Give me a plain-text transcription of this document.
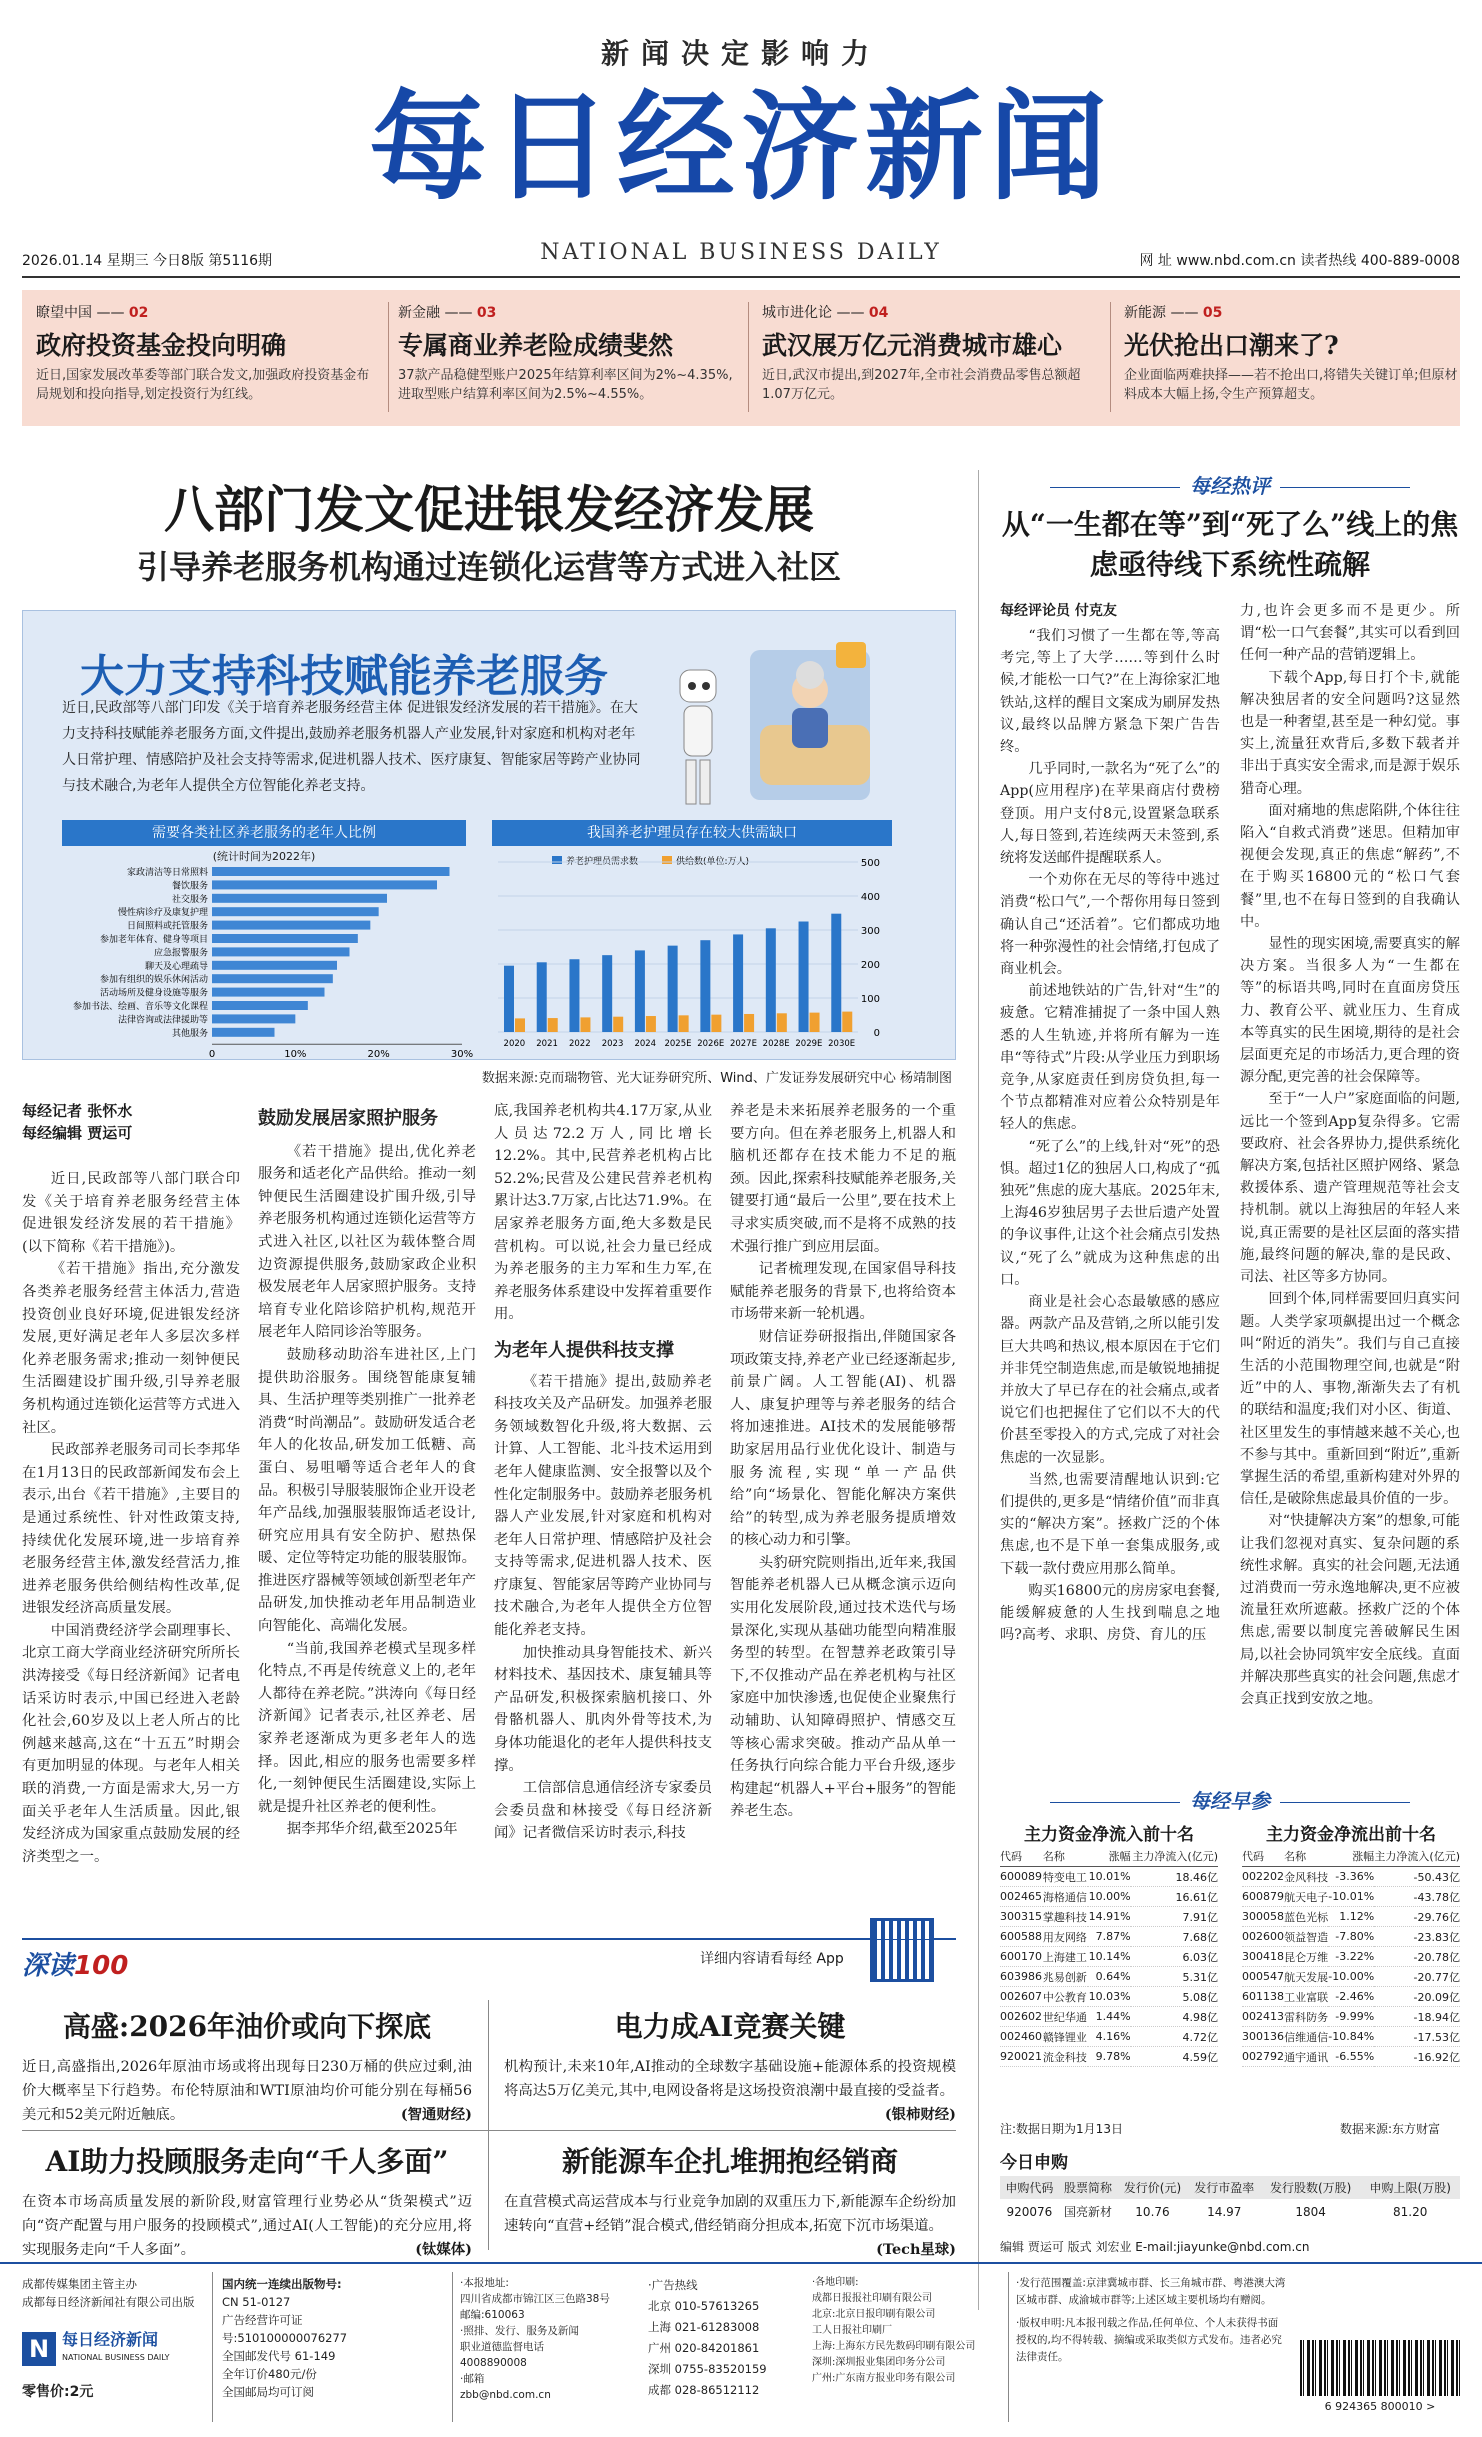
新闻决定影响力
每日经济新闻
2026.01.14 星期三 今日8版 第5116期	NATIONAL BUSINESS DAILY	网 址 www.nbd.com.cn 读者热线 400-889-0008
瞭望中国 —— 02
政府投资基金投向明确
近日,国家发展改革委等部门联合发文,加强政府投资基金布局规划和投向指导,划定投资行为红线。
新金融 —— 03
专属商业养老险成绩斐然
37款产品稳健型账户2025年结算利率区间为2%~4.35%,进取型账户结算利率区间为2.5%~4.55%。
城市进化论 —— 04
武汉展万亿元消费城市雄心
近日,武汉市提出,到2027年,全市社会消费品零售总额超1.07万亿元。
新能源 —— 05
光伏抢出口潮来了?
企业面临两难抉择——若不抢出口,将错失关键订单;但原材料成本大幅上扬,令生产预算超支。
八部门发文促进银发经济发展
引导养老服务机构通过连锁化运营等方式进入社区
大力支持科技赋能养老服务
近日,民政部等八部门印发《关于培育养老服务经营主体 促进银发经济发展的若干措施》。在大力支持科技赋能养老服务方面,文件提出,鼓励养老服务机器人产业发展,针对家庭和机构对老年人日常护理、情感陪护及社会支持等需求,促进机器人技术、医疗康复、智能家居等跨产业协同与技术融合,为老年人提供全方位智能化养老支持。
需要各类社区养老服务的老年人比例
(统计时间为2022年)
家政清洁等日常照料
餐饮服务
社交服务
慢性病诊疗及康复护理
日间照料或托管服务
参加老年体育、健身等项目
应急报警服务
聊天及心理疏导
参加有组织的娱乐休闲活动
活动场所及健身设施等服务
参加书法、绘画、音乐等文化课程
法律咨询或法律援助等
其他服务
0	10%	20%	30%
我国养老护理员存在较大供需缺口
养老护理员需求数	供给数(单位:万人)
0
100
200
300
400
500
2020 2021 2022 2023 2024 2025E 2026E 2027E 2028E 2029E 2030E
数据来源:克而瑞物管、光大证券研究所、Wind、广发证券发展研究中心 杨靖制图
每经记者 张怀水
每经编辑 贾运可

近日,民政部等八部门联合印发《关于培育养老服务经营主体 促进银发经济发展的若干措施》(以下简称《若干措施》)。

《若干措施》指出,充分激发各类养老服务经营主体活力,营造投资创业良好环境,促进银发经济发展,更好满足老年人多层次多样化养老服务需求;推动一刻钟便民生活圈建设扩围升级,引导养老服务机构通过连锁化运营等方式进入社区。

民政部养老服务司司长李邦华在1月13日的民政部新闻发布会上表示,出台《若干措施》,主要目的是通过系统性、针对性政策支持,持续优化发展环境,进一步培育养老服务经营主体,激发经营活力,推进养老服务供给侧结构性改革,促进银发经济高质量发展。

中国消费经济学会副理事长、北京工商大学商业经济研究所所长洪涛接受《每日经济新闻》记者电话采访时表示,中国已经进入老龄化社会,60岁及以上老人所占的比例越来越高,这在“十五五”时期会有更加明显的体现。与老年人相关联的消费,一方面是需求大,另一方面关乎老年人生活质量。因此,银发经济成为国家重点鼓励发展的经济类型之一。

鼓励发展居家照护服务

《若干措施》提出,优化养老服务和适老化产品供给。推动一刻钟便民生活圈建设扩围升级,引导养老服务机构通过连锁化运营等方式进入社区,以社区为载体整合周边资源提供服务,鼓励家政企业积极发展老年人居家照护服务。支持培育专业化陪诊陪护机构,规范开展老年人陪同诊治等服务。

鼓励移动助浴车进社区,上门提供助浴服务。围绕智能康复辅具、生活护理等类别推广一批养老消费“时尚潮品”。鼓励研发适合老年人的化妆品,研发加工低糖、高蛋白、易咀嚼等适合老年人的食品。积极引导服装服饰企业开设老年产品线,加强服装服饰适老设计,研究应用具有安全防护、慰热保暖、定位等特定功能的服装服饰。推进医疗器械等领域创新型老年产品研发,加快推动老年用品制造业向智能化、高端化发展。

“当前,我国养老模式呈现多样化特点,不再是传统意义上的,老年人都待在养老院。”洪涛向《每日经济新闻》记者表示,社区养老、居家养老逐渐成为更多老年人的选择。因此,相应的服务也需要多样化,一刻钟便民生活圈建设,实际上就是提升社区养老的便利性。

据李邦华介绍,截至2025年

底,我国养老机构共4.17万家,从业人员达72.2万人,同比增长12.2%。其中,民营养老机构占比52.2%;民营及公建民营养老机构累计达3.7万家,占比达71.9%。在居家养老服务方面,绝大多数是民营机构。可以说,社会力量已经成为养老服务的主力军和生力军,在养老服务体系建设中发挥着重要作用。

为老年人提供科技支撑

《若干措施》提出,鼓励养老科技攻关及产品研发。加强养老服务领域数智化升级,将大数据、云计算、人工智能、北斗技术运用到老年人健康监测、安全报警以及个性化定制服务中。鼓励养老服务机器人产业发展,针对家庭和机构对老年人日常护理、情感陪护及社会支持等需求,促进机器人技术、医疗康复、智能家居等跨产业协同与技术融合,为老年人提供全方位智能化养老支持。

加快推动具身智能技术、新兴材料技术、基因技术、康复辅具等产品研发,积极探索脑机接口、外骨骼机器人、肌肉外骨等技术,为身体功能退化的老年人提供科技支撑。

工信部信息通信经济专家委员会委员盘和林接受《每日经济新闻》记者微信采访时表示,科技

养老是未来拓展养老服务的一个重要方向。但在养老服务上,机器人和脑机还都存在技术能力不足的瓶颈。因此,探索科技赋能养老服务,关键要打通“最后一公里”,要在技术上寻求实质突破,而不是将不成熟的技术强行推广到应用层面。

记者梳理发现,在国家倡导科技赋能养老服务的背景下,也将给资本市场带来新一轮机遇。

财信证券研报指出,伴随国家各项政策支持,养老产业已经逐渐起步,前景广阔。人工智能(AI)、机器人、康复护理等与养老服务的结合将加速推进。AI技术的发展能够帮助家居用品行业优化设计、制造与服务流程,实现“单一产品供给”向“场景化、智能化解决方案供给”的转型,成为养老服务提质增效的核心动力和引擎。

头豹研究院则指出,近年来,我国智能养老机器人已从概念演示迈向实用化发展阶段,通过技术迭代与场景深化,实现从基础功能型向精准服务型的转型。在智慧养老政策引导下,不仅推动产品在养老机构与社区家庭中加快渗透,也促使企业聚焦行动辅助、认知障碍照护、情感交互等核心需求突破。推动产品从单一任务执行向综合能力平台升级,逐步构建起“机器人+平台+服务”的智能养老生态。

深读100	详细内容请看每经 App
高盛:2026年油价或向下探底

近日,高盛指出,2026年原油市场或将出现每日230万桶的供应过剩,油价大概率呈下行趋势。布伦特原油和WTI原油均价可能分别在每桶56美元和52美元附近触底。	(智通财经)

电力成AI竞赛关键

机构预计,未来10年,AI推动的全球数字基础设施+能源体系的投资规模将高达5万亿美元,其中,电网设备将是这场投资浪潮中最直接的受益者。
(银柿财经)

AI助力投顾服务走向“千人多面”

在资本市场高质量发展的新阶段,财富管理行业势必从“货架模式”迈向“资产配置与用户服务的投顾模式”,通过AI(人工智能)的充分应用,将实现服务走向“千人多面”。	(钛媒体)

新能源车企扎堆拥抱经销商

在直营模式高运营成本与行业竞争加剧的双重压力下,新能源车企纷纷加速转向“直营+经销”混合模式,借经销商分担成本,拓宽下沉市场渠道。
(Tech星球)

每经热评
从“一生都在等”到“死了么”线上的焦虑亟待线下系统性疏解
每经评论员 付克友

“我们习惯了一生都在等,等高考完,等上了大学……等到什么时候,才能松一口气?”在上海徐家汇地铁站,这样的醒目文案成为刷屏发热议,最终以品牌方紧急下架广告告终。

几乎同时,一款名为“死了么”的App(应用程序)在苹果商店付费榜登顶。用户支付8元,设置紧急联系人,每日签到,若连续两天未签到,系统将发送邮件提醒联系人。

一个劝你在无尽的等待中逃过消费“松口气”,一个帮你用每日签到确认自己“还活着”。它们都成功地将一种弥漫性的社会情绪,打包成了商业机会。

前述地铁站的广告,针对“生”的疲惫。它精准捕捉了一条中国人熟悉的人生轨迹,并将所有解为一连串“等待式”片段:从学业压力到职场竞争,从家庭责任到房贷负担,每一个节点都精准对应着公众特别是年轻人的焦虑。

“死了么”的上线,针对“死”的恐惧。超过1亿的独居人口,构成了“孤独死”焦虑的庞大基底。2025年末,上海46岁独居男子去世后遗产处置的争议事件,让这个社会痛点引发热议,“死了么”就成为这种焦虑的出口。

商业是社会心态最敏感的感应器。两款产品及营销,之所以能引发巨大共鸣和热议,根本原因在于它们并非凭空制造焦虑,而是敏锐地捕捉并放大了早已存在的社会痛点,或者说它们也把握住了它们以不大的代价甚至零投入的方式,完成了对社会焦虑的一次显影。

当然,也需要清醒地认识到:它们提供的,更多是“情绪价值”而非真实的“解决方案”。拯救广泛的个体焦虑,也不是下单一套集成服务,或下载一款付费应用那么简单。

购买16800元的房房家电套餐,能缓解疲惫的人生找到喘息之地吗?高考、求职、房贷、育儿的压

力,也许会更多而不是更少。所谓“松一口气套餐”,其实可以看到回任何一种产品的营销逻辑上。

下载个App,每日打个卡,就能解决独居者的安全问题吗?这显然也是一种奢望,甚至是一种幻觉。事实上,流量狂欢背后,多数下载者并非出于真实安全需求,而是源于娱乐猎奇心理。

面对痛地的焦虑陷阱,个体往往陷入“自救式消费”迷思。但精加审视便会发现,真正的焦虑“解药”,不在于购买16800元的“松口气套餐”里,也不在每日签到的自我确认中。

显性的现实困境,需要真实的解决方案。当很多人为“一生都在等”的标语共鸣,同时在直面房贷压力、教育公平、就业压力、生育成本等真实的民生困境,期待的是社会层面更充足的市场活力,更合理的资源分配,更完善的社会保障等。

至于“一人户”家庭面临的问题,远比一个签到App复杂得多。它需要政府、社会各界协力,提供系统化解决方案,包括社区照护网络、紧急救援体系、遗产管理规范等社会支持机制。就以上海独居的年轻人来说,真正需要的是社区层面的落实措施,最终问题的解决,靠的是民政、司法、社区等多方协同。

回到个体,同样需要回归真实问题。人类学家项飙提出过一个概念叫“附近的消失”。我们与自己直接生活的小范围物理空间,也就是“附近”中的人、事物,渐渐失去了有机的联结和温度;我们对小区、街道、社区里发生的事情越来越不关心,也不参与其中。重新回到“附近”,重新掌握生活的希望,重新构建对外界的信任,是破除焦虑最具价值的一步。

对“快捷解决方案”的想象,可能让我们忽视对真实、复杂问题的系统性求解。真实的社会问题,无法通过消费而一劳永逸地解决,更不应被流量狂欢所遮蔽。拯救广泛的个体焦虑,需要以制度完善破解民生困局,以社会协同筑牢安全底线。直面并解决那些真实的社会问题,焦虑才会真正找到安放之地。

每经早参
主力资金净流入前十名	主力资金净流出前十名
代码	名称	涨幅	主力净流入(亿元)
600089	特变电工	10.01%	18.46亿
002465	海格通信	10.00%	16.61亿
300315	掌趣科技	14.91%	7.91亿
600588	用友网络	7.87%	7.68亿
600170	上海建工	10.14%	6.03亿
603986	兆易创新	0.64%	5.31亿
002607	中公教育	10.03%	5.08亿
002602	世纪华通	1.44%	4.98亿
002460	赣锋锂业	4.16%	4.72亿
920021	流金科技	9.78%	4.59亿
代码	名称	涨幅	主力净流入(亿元)
002202	金风科技	-3.36%	-50.43亿
600879	航天电子	-10.01%	-43.78亿
300058	蓝色光标	1.12%	-29.76亿
002600	领益智造	-7.80%	-23.83亿
300418	昆仑万维	-3.22%	-20.78亿
000547	航天发展	-10.00%	-20.77亿
601138	工业富联	-2.46%	-20.09亿
002413	雷科防务	-9.99%	-18.94亿
300136	信维通信	-10.84%	-17.53亿
002792	通宇通讯	-6.55%	-16.92亿
注:数据日期为1月13日	数据来源:东方财富
今日申购
申购代码	股票简称	发行价(元)	发行市盈率	发行股数(万股)	申购上限(万股)
920076	国亮新材	10.76	14.97	1804	81.20
编辑 贾运可 版式 刘宏业 E-mail:jiayunke@nbd.com.cn
成都传媒集团主管主办
成都每日经济新闻社有限公司出版
N 每日经济新闻
NATIONAL BUSINESS DAILY
零售价:2元
国内统一连续出版物号:
CN 51-0127
广告经营许可证号:510100000076277
全国邮发代号 61-149
全年订价480元/份
全国邮局均可订阅
·本报地址:
四川省成都市锦江区三色路38号
邮编:610063
·照排、发行、服务及新闻
职业道德监督电话
4008890008
·邮箱
zbb@nbd.com.cn
·广告热线
北京 010-57613265
上海 021-61283008
广州 020-84201861
深圳 0755-83520159
成都 028-86512112
·各地印刷:
成都日报报社印刷有限公司
北京:北京日报印刷有限公司
工人日报社印刷厂
上海:上海东方民先数码印刷有限公司
深圳:深圳报业集团印务分公司
广州:广东南方报业印务有限公司
·发行范围覆盖:京津冀城市群、长三角城市群、粤港澳大湾区城市群、成渝城市群等;上述区域主要机场均有赠阅。
·版权申明:凡本报刊载之作品,任何单位、个人未获得书面授权的,均不得转载、摘编或采取类似方式发布。违者必究法律责任。
6 924365 800010 >
